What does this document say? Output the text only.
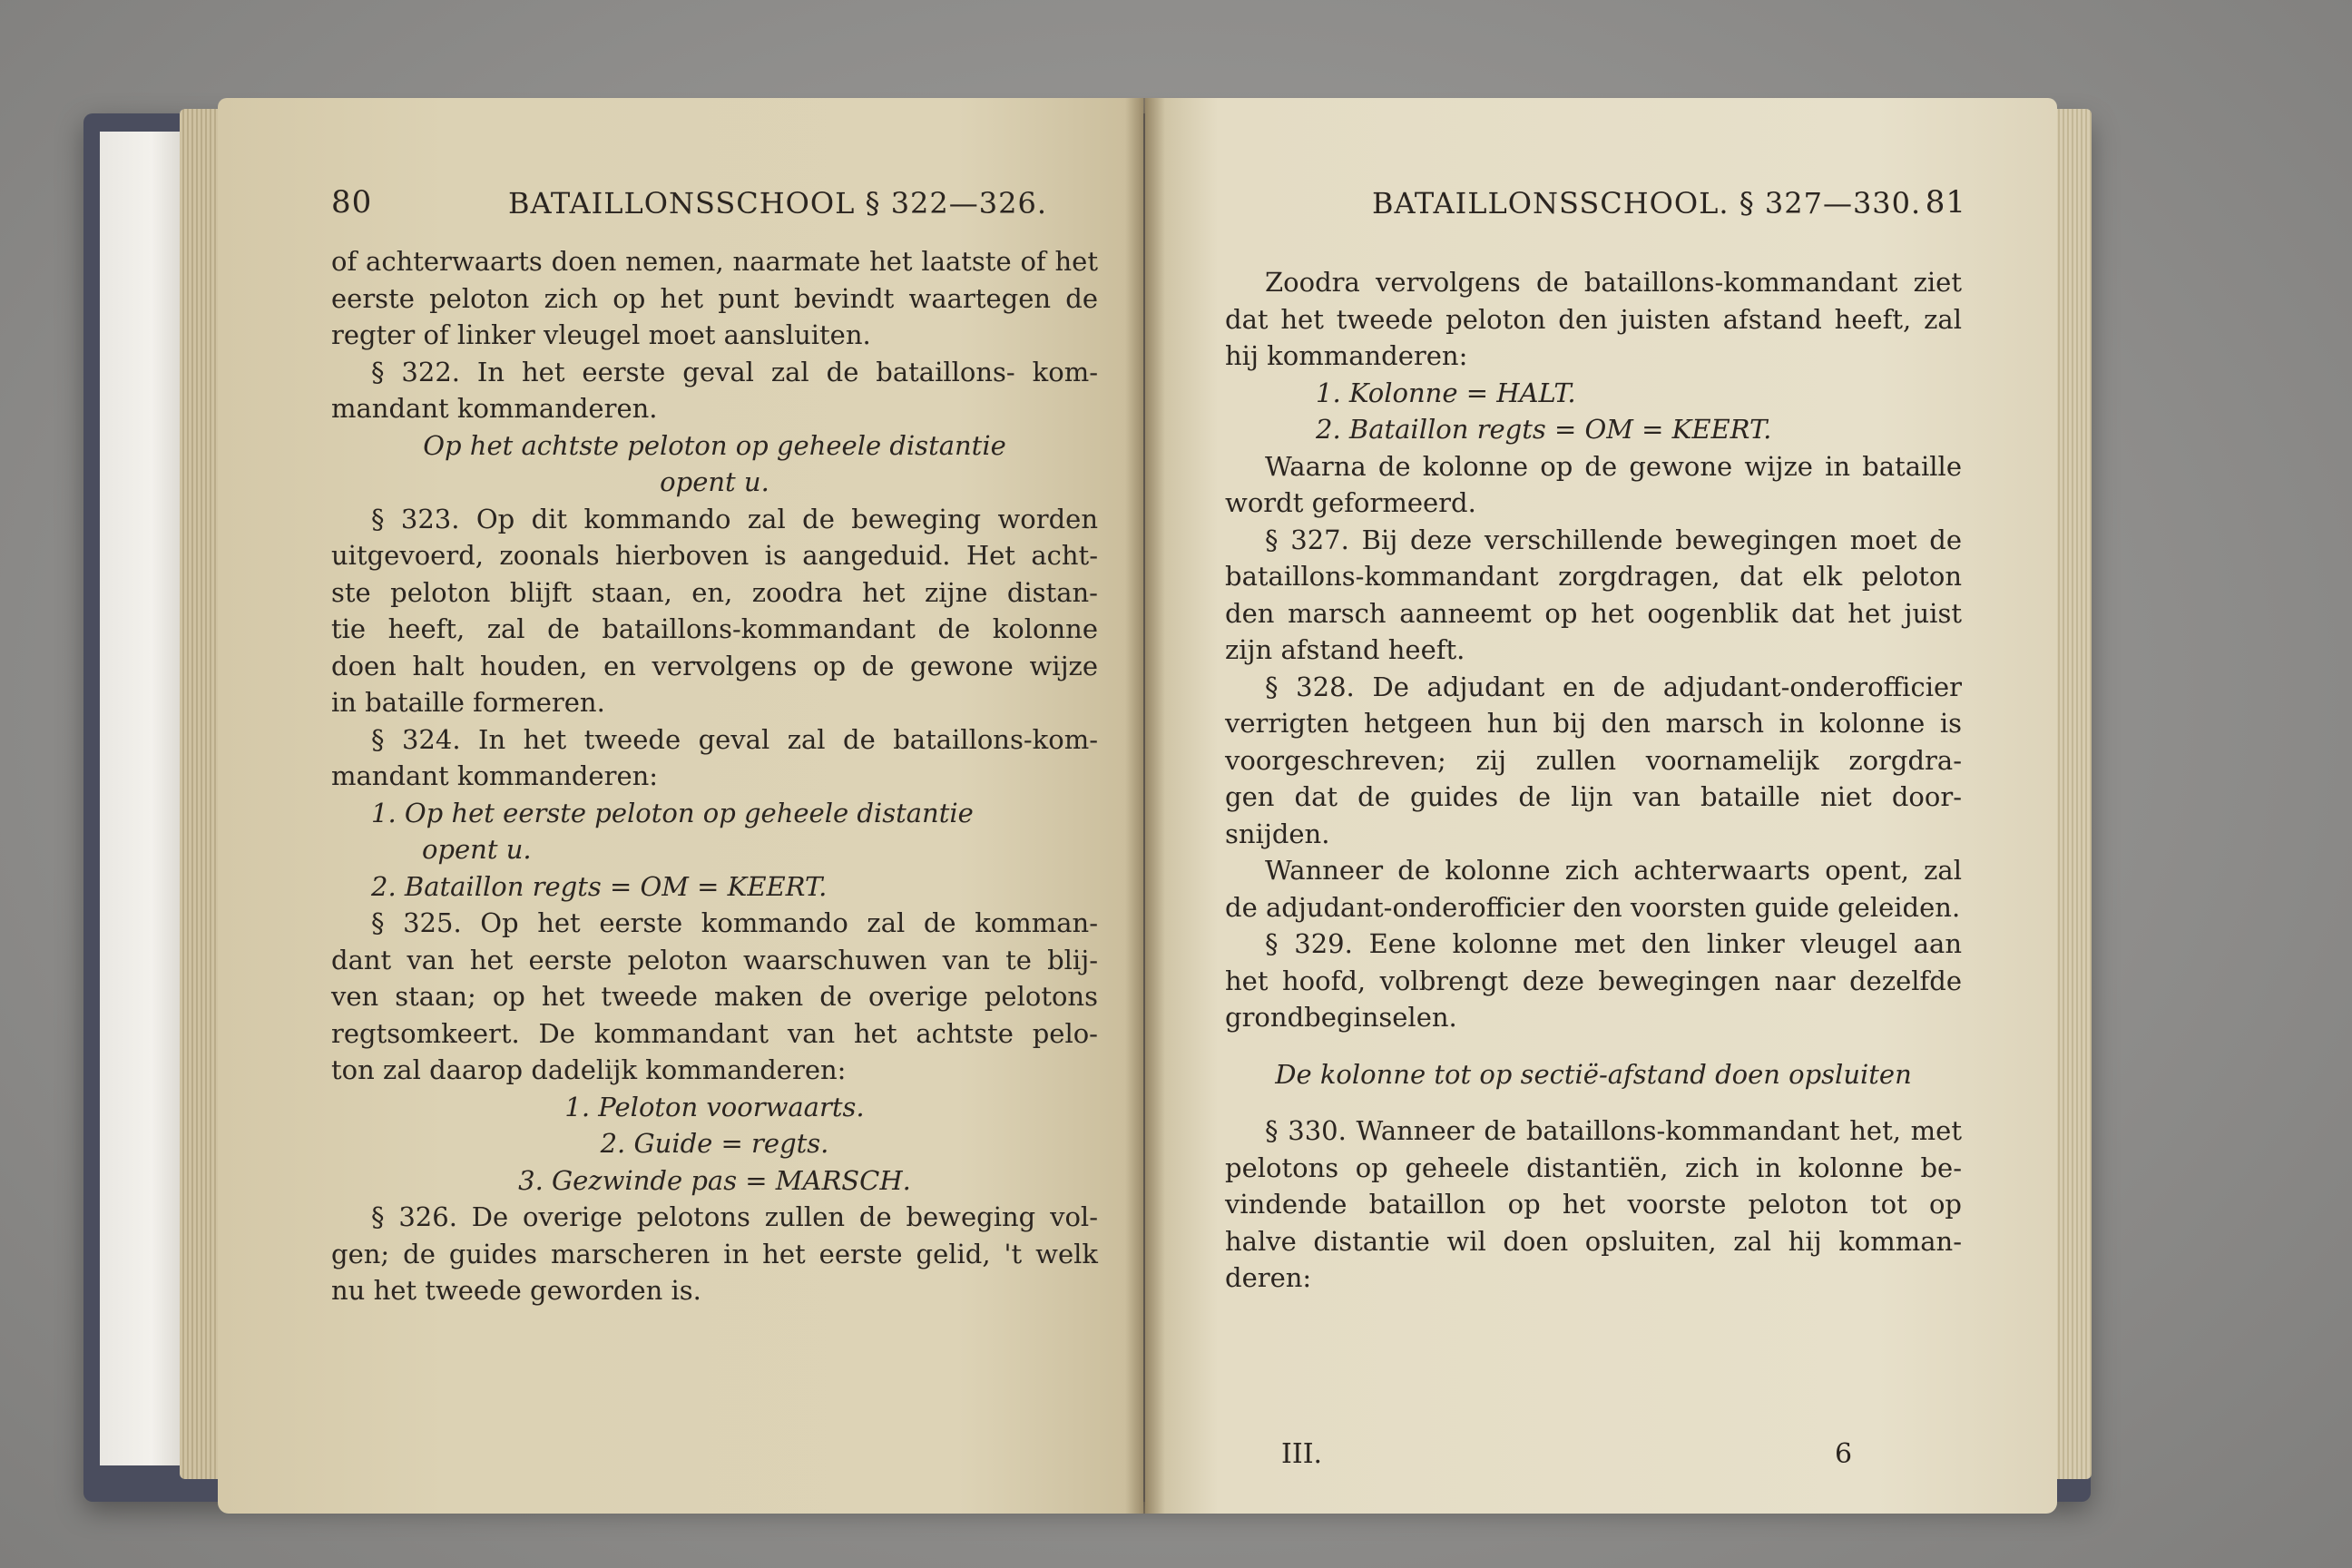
80	BATAILLONSSCHOOL § 322—326.

of achterwaarts doen nemen, naarmate het laatste of het

eerste peloton zich op het punt bevindt waartegen de

regter of linker vleugel moet aansluiten.

§ 322. In het eerste geval zal de bataillons- kom-

mandant kommanderen.

Op het achtste peloton op geheele distantie

opent u.

§ 323. Op dit kommando zal de beweging worden

uitgevoerd, zoonals hierboven is aangeduid. Het acht-

ste peloton blijft staan, en, zoodra het zijne distan-

tie heeft, zal de bataillons-kommandant de kolonne

doen halt houden, en vervolgens op de gewone wijze

in bataille formeren.

§ 324. In het tweede geval zal de bataillons-kom-

mandant kommanderen:

1. Op het eerste peloton op geheele distantie

opent u.

2. Bataillon regts = OM = KEERT.

§ 325. Op het eerste kommando zal de komman-

dant van het eerste peloton waarschuwen van te blij-

ven staan; op het tweede maken de overige pelotons

regtsomkeert. De kommandant van het achtste pelo-

ton zal daarop dadelijk kommanderen:

1. Peloton voorwaarts.

2. Guide = regts.

3. Gezwinde pas = MARSCH.

§ 326. De overige pelotons zullen de beweging vol-

gen; de guides marscheren in het eerste gelid, 't welk

nu het tweede geworden is.

BATAILLONSSCHOOL. § 327—330. 81

Zoodra vervolgens de bataillons-kommandant ziet

dat het tweede peloton den juisten afstand heeft, zal

hij kommanderen:

1. Kolonne = HALT.

2. Bataillon regts = OM = KEERT.

Waarna de kolonne op de gewone wijze in bataille

wordt geformeerd.

§ 327. Bij deze verschillende bewegingen moet de

bataillons-kommandant zorgdragen, dat elk peloton

den marsch aanneemt op het oogenblik dat het juist

zijn afstand heeft.

§ 328. De adjudant en de adjudant-onderofficier

verrigten hetgeen hun bij den marsch in kolonne is

voorgeschreven; zij zullen voornamelijk zorgdra-

gen dat de guides de lijn van bataille niet door-

snijden.

Wanneer de kolonne zich achterwaarts opent, zal

de adjudant-onderofficier den voorsten guide geleiden.

§ 329. Eene kolonne met den linker vleugel aan

het hoofd, volbrengt deze bewegingen naar dezelfde

grondbeginselen.

De kolonne tot op sectië-afstand doen opsluiten

§ 330. Wanneer de bataillons-kommandant het, met

pelotons op geheele distantiën, zich in kolonne be-

vindende bataillon op het voorste peloton tot op

halve distantie wil doen opsluiten, zal hij komman-

deren:

III.	6
